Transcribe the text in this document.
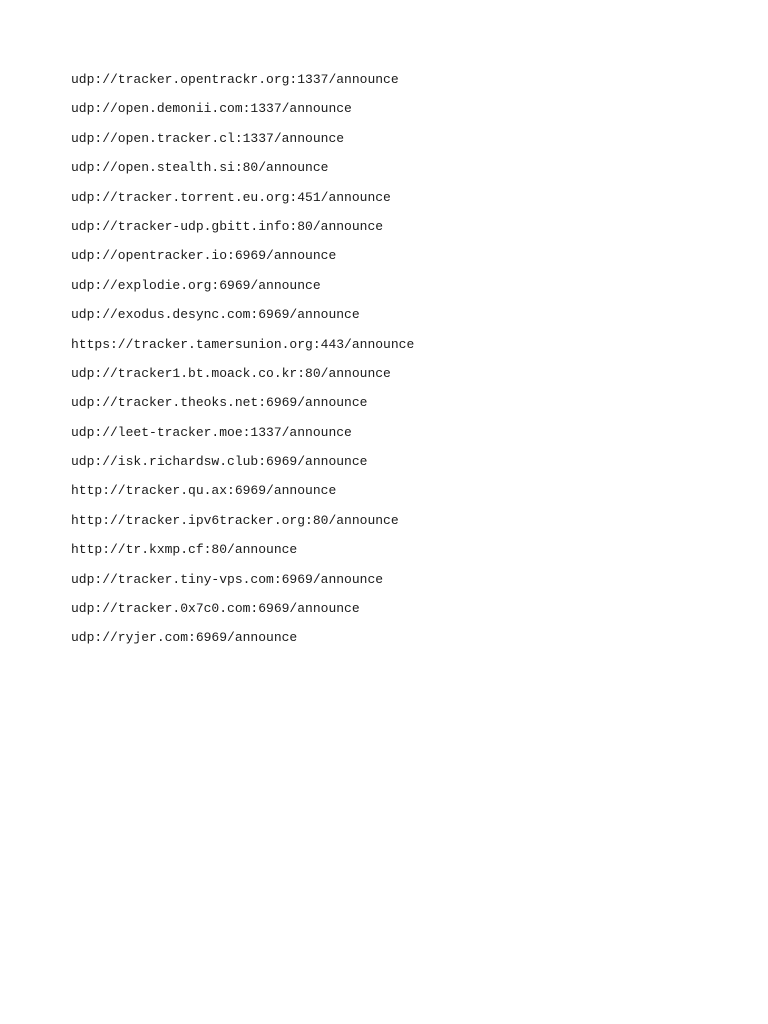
udp://tracker.opentrackr.org:1337/announce
udp://open.demonii.com:1337/announce
udp://open.tracker.cl:1337/announce
udp://open.stealth.si:80/announce
udp://tracker.torrent.eu.org:451/announce
udp://tracker-udp.gbitt.info:80/announce
udp://opentracker.io:6969/announce
udp://explodie.org:6969/announce
udp://exodus.desync.com:6969/announce
https://tracker.tamersunion.org:443/announce
udp://tracker1.bt.moack.co.kr:80/announce
udp://tracker.theoks.net:6969/announce
udp://leet-tracker.moe:1337/announce
udp://isk.richardsw.club:6969/announce
http://tracker.qu.ax:6969/announce
http://tracker.ipv6tracker.org:80/announce
http://tr.kxmp.cf:80/announce
udp://tracker.tiny-vps.com:6969/announce
udp://tracker.0x7c0.com:6969/announce
udp://ryjer.com:6969/announce
